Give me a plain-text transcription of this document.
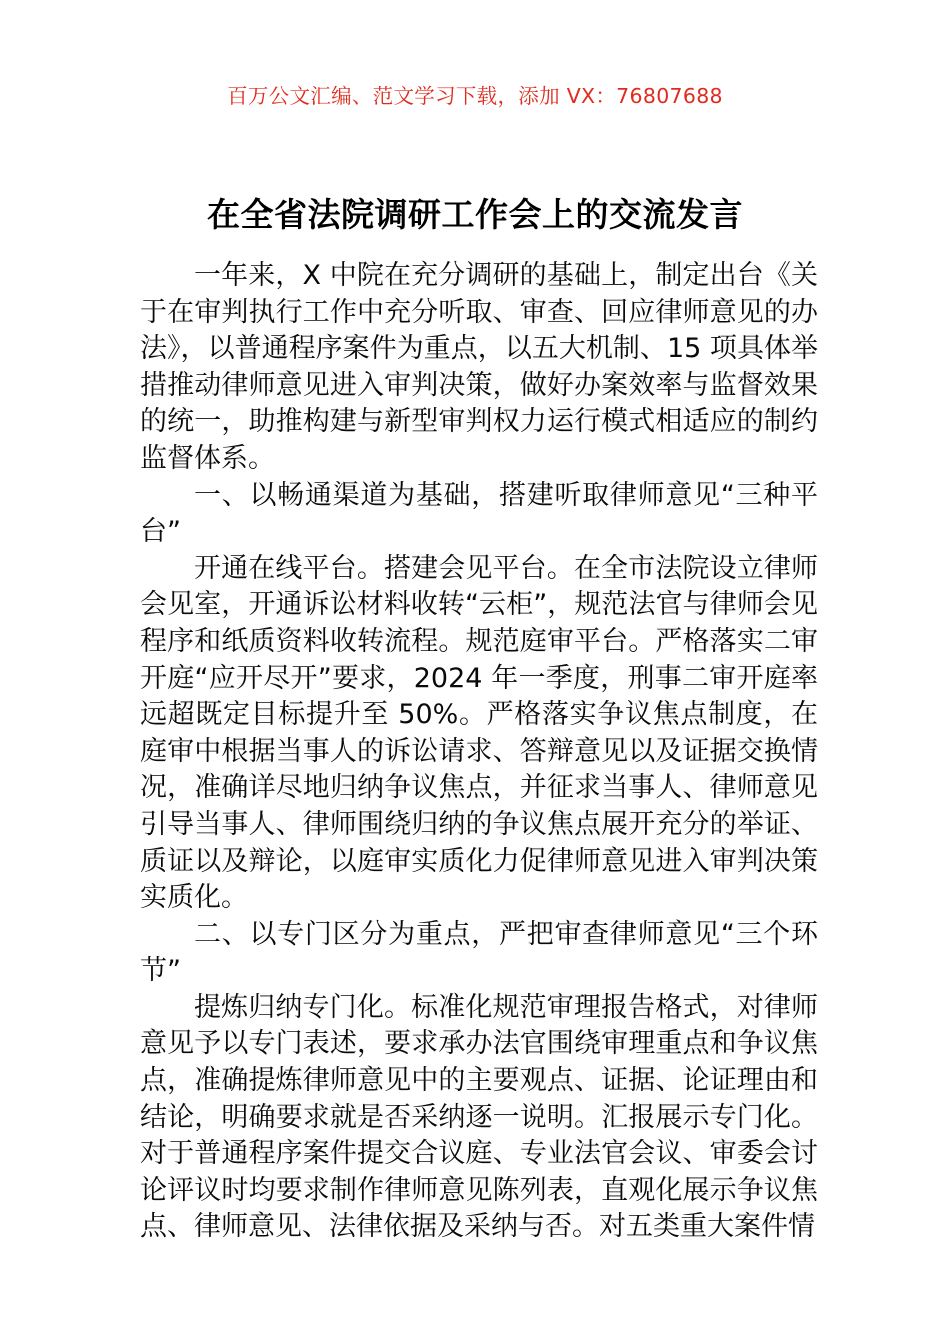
百万公文汇编、范文学习下载，添加 VX：76807688
在全省法院调研工作会上的交流发言

一年来，X 中院在充分调研的基础上，制定出台《关于在审判执行工作中充分听取、审查、回应律师意见的办法》，以普通程序案件为重点，以五大机制、15 项具体举措推动律师意见进入审判决策，做好办案效率与监督效果的统一，助推构建与新型审判权力运行模式相适应的制约监督体系。

一、以畅通渠道为基础，搭建听取律师意见“三种平台”

开通在线平台。搭建会见平台。在全市法院设立律师会见室，开通诉讼材料收转“云柜”，规范法官与律师会见程序和纸质资料收转流程。规范庭审平台。严格落实二审开庭“应开尽开”要求，2024 年一季度，刑事二审开庭率远超既定目标提升至 50%。严格落实争议焦点制度，在庭审中根据当事人的诉讼请求、答辩意见以及证据交换情况，准确详尽地归纳争议焦点，并征求当事人、律师意见引导当事人、律师围绕归纳的争议焦点展开充分的举证、质证以及辩论，以庭审实质化力促律师意见进入审判决策实质化。

二、以专门区分为重点，严把审查律师意见“三个环节”

提炼归纳专门化。标准化规范审理报告格式，对律师意见予以专门表述，要求承办法官围绕审理重点和争议焦点，准确提炼律师意见中的主要观点、证据、论证理由和结论，明确要求就是否采纳逐一说明。汇报展示专门化。对于普通程序案件提交合议庭、专业法官会议、审委会讨论评议时均要求制作律师意见陈列表，直观化展示争议焦点、律师意见、法律依据及采纳与否。对五类重大案件情
